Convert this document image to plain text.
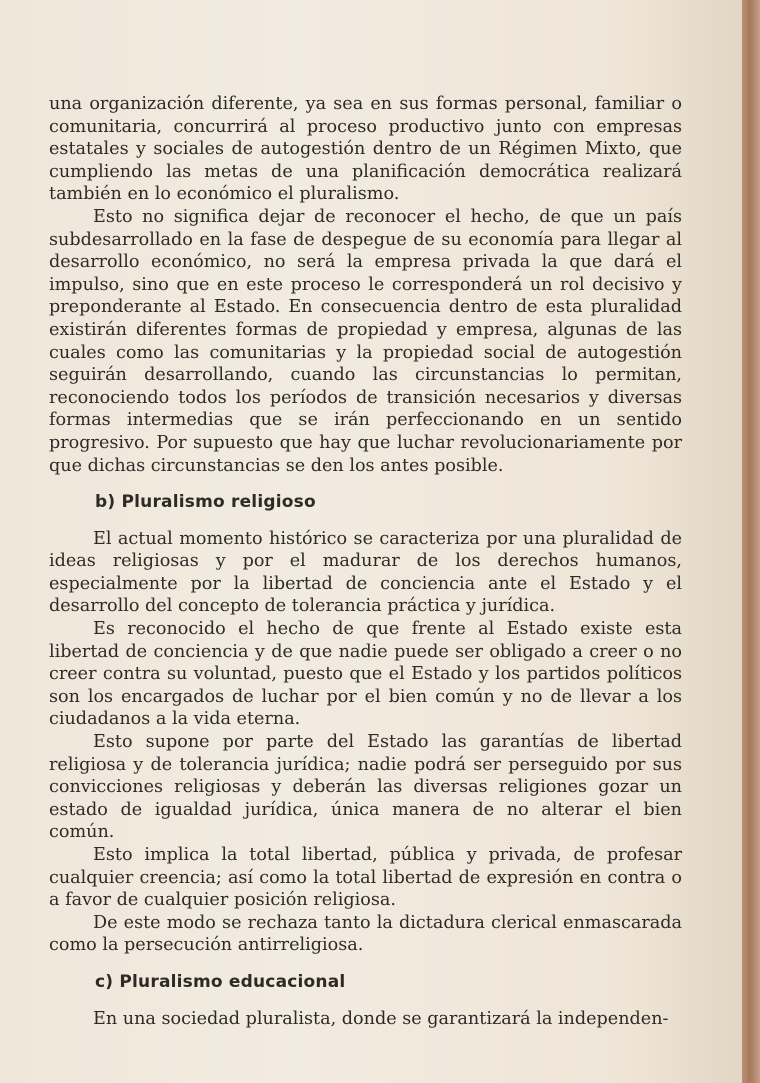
una organización diferente, ya sea en sus formas personal, familiar o comunitaria, concurrirá al proceso productivo junto con empresas estatales y sociales de autogestión dentro de un Régimen Mixto, que cumpliendo las metas de una planificación democrática realizará también en lo económico el pluralismo.

Esto no significa dejar de reconocer el hecho, de que un país subdesarrollado en la fase de despegue de su economía para llegar al desarrollo económico, no será la empresa privada la que dará el impulso, sino que en este proceso le corresponderá un rol decisivo y preponderante al Estado. En consecuencia dentro de esta pluralidad existirán diferentes formas de propiedad y empresa, algunas de las cuales como las comunitarias y la propiedad social de autogestión seguirán desarrollando, cuando las circunstancias lo permitan, reconociendo todos los períodos de transición necesarios y diversas formas intermedias que se irán perfeccionando en un sentido progresivo. Por supuesto que hay que luchar revolucionariamente por que dichas circunstancias se den los antes posible.

b) Pluralismo religioso

El actual momento histórico se caracteriza por una pluralidad de ideas religiosas y por el madurar de los derechos humanos, especialmente por la libertad de conciencia ante el Estado y el desarrollo del concepto de tolerancia práctica y jurídica.

Es reconocido el hecho de que frente al Estado existe esta libertad de conciencia y de que nadie puede ser obligado a creer o no creer contra su voluntad, puesto que el Estado y los partidos políticos son los encargados de luchar por el bien común y no de llevar a los ciudadanos a la vida eterna.

Esto supone por parte del Estado las garantías de libertad religiosa y de tolerancia jurídica; nadie podrá ser perseguido por sus convicciones religiosas y deberán las diversas religiones gozar un estado de igualdad jurídica, única manera de no alterar el bien común.

Esto implica la total libertad, pública y privada, de profesar cualquier creencia; así como la total libertad de expresión en contra o a favor de cualquier posición religiosa.

De este modo se rechaza tanto la dictadura clerical enmascarada como la persecución antirreligiosa.

c) Pluralismo educacional

En una sociedad pluralista, donde se garantizará la independen-
